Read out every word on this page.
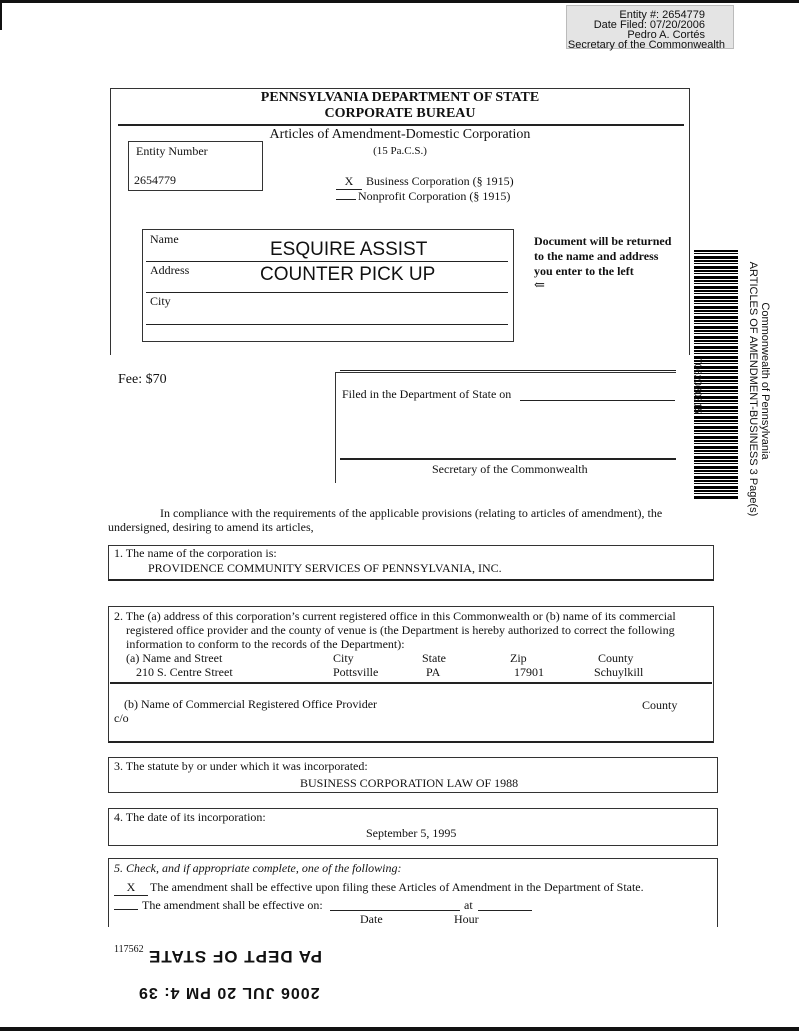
Entity #: 2654779
Date Filed: 07/20/2006
Pedro A. Cortés
Secretary of the Commonwealth
PENNSYLVANIA DEPARTMENT OF STATE
CORPORATE BUREAU
Articles of Amendment-Domestic Corporation
(15 Pa.C.S.)
Entity Number
2654779	X	Business Corporation (§ 1915)
Nonprofit Corporation (§ 1915)
Name	ESQUIRE ASSIST
Address	COUNTER PICK UP
City
Document will be returned
to the name and address
you enter to the left
⇐
Fee: $70
Filed in the Department of State on
Secretary of the Commonwealth
T062020315	Commonwealth of Pennsylvania
ARTICLES OF AMENDMENT-BUSINESS 3 Page(s)
In compliance with the requirements of the applicable provisions (relating to articles of amendment), the
undersigned, desiring to amend its articles,
1. The name of the corporation is:
PROVIDENCE COMMUNITY SERVICES OF PENNSYLVANIA, INC.
2. The (a) address of this corporation’s current registered office in this Commonwealth or (b) name of its commercial
registered office provider and the county of venue is (the Department is hereby authorized to correct the following
information to conform to the records of the Department):
(a) Name and Street	City	State	Zip	County
210 S. Centre Street	Pottsville	PA	17901	Schuylkill
(b) Name of Commercial Registered Office Provider	County
c/o
3. The statute by or under which it was incorporated:
BUSINESS CORPORATION LAW OF 1988
4. The date of its incorporation:
September 5, 1995
5. Check, and if appropriate complete, one of the following:
X	The amendment shall be effective upon filing these Articles of Amendment in the Department of State.
The amendment shall be effective on:	at
Date	Hour
117562 PA DEPT OF STATE
2006 JUL 20 PM 4: 39
